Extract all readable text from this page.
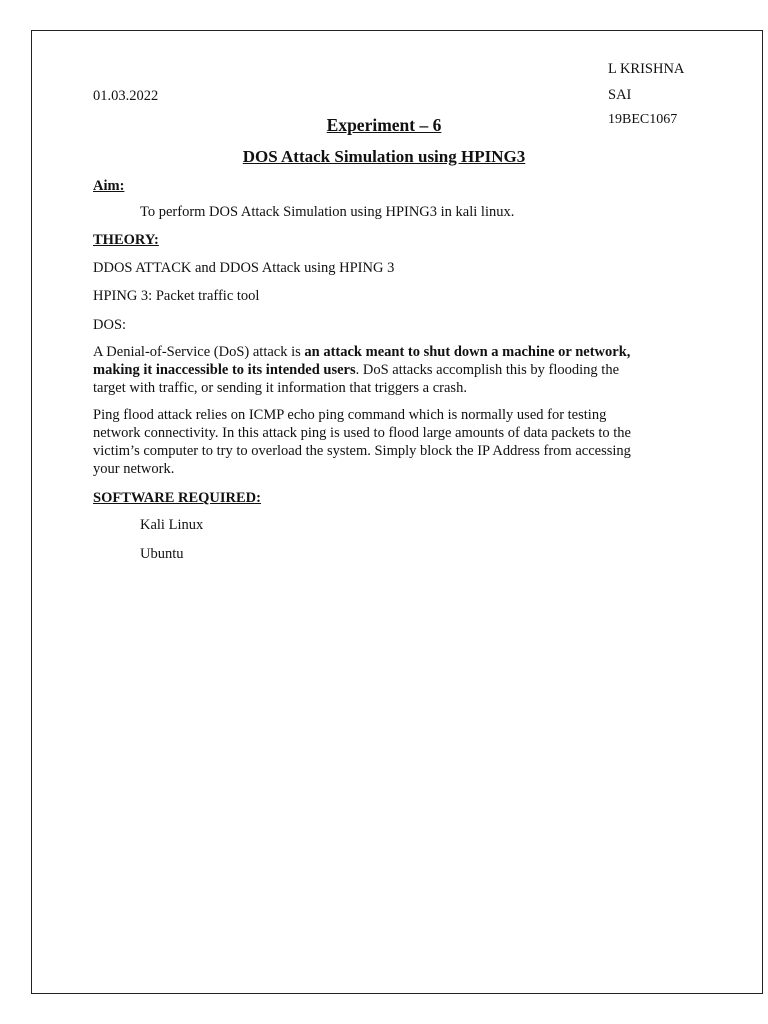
01.03.2022
L KRISHNA
SAI
19BEC1067
Experiment – 6
DOS Attack Simulation using HPING3
Aim:
To perform DOS Attack Simulation using HPING3 in kali linux.
THEORY:
DDOS ATTACK and DDOS Attack using HPING 3
HPING 3: Packet traffic tool
DOS:
A Denial-of-Service (DoS) attack is an attack meant to shut down a machine or network,
making it inaccessible to its intended users. DoS attacks accomplish this by flooding the
target with traffic, or sending it information that triggers a crash.
Ping flood attack relies on ICMP echo ping command which is normally used for testing
network connectivity. In this attack ping is used to flood large amounts of data packets to the
victim’s computer to try to overload the system. Simply block the IP Address from accessing
your network.
SOFTWARE REQUIRED:
Kali Linux
Ubuntu
